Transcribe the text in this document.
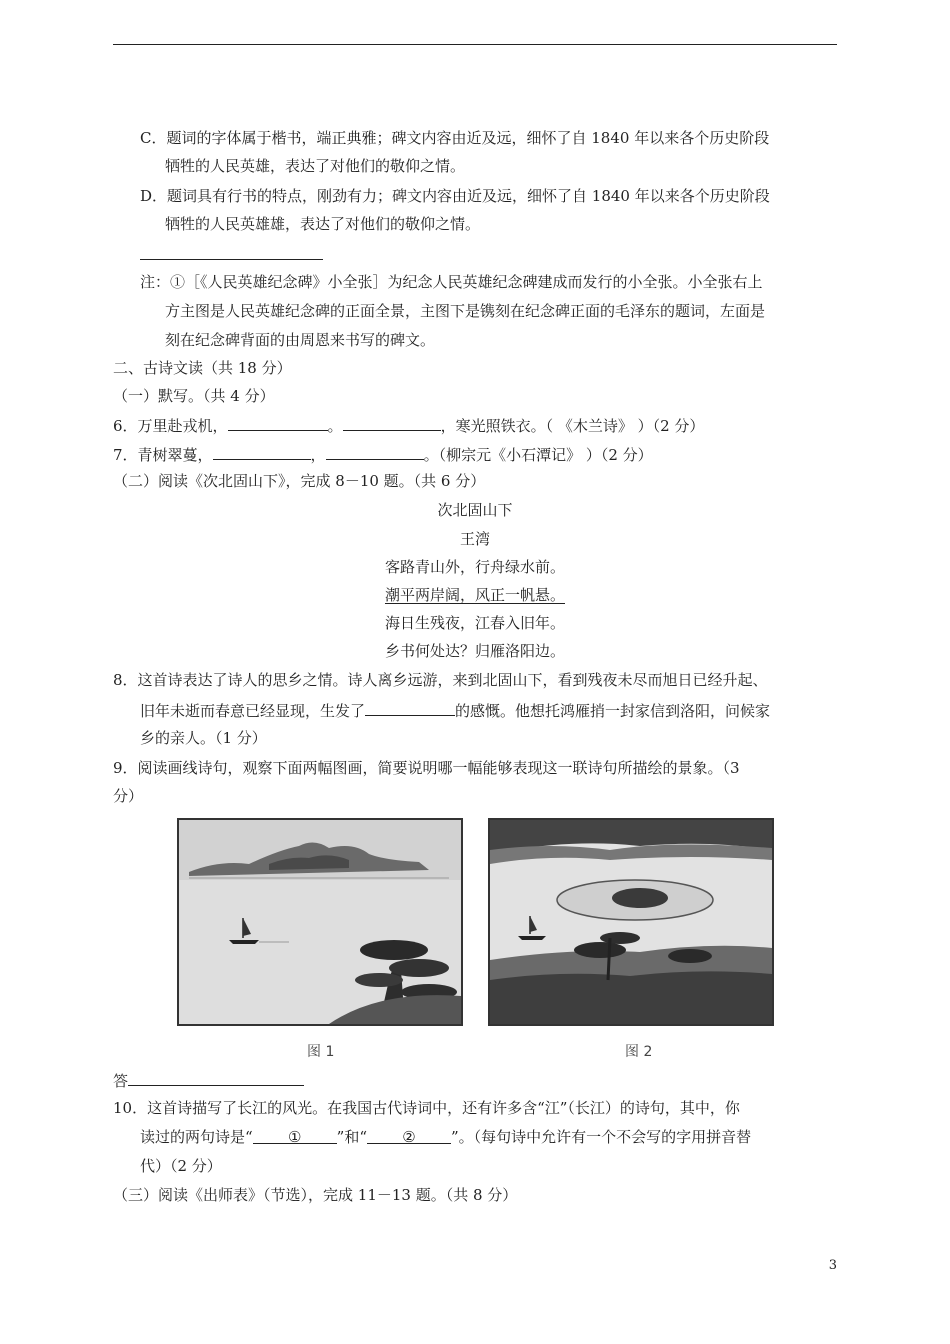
C．题词的字体属于楷书，端正典雅；碑文内容由近及远，细怀了自 1840 年以来各个历史阶段
牺牲的人民英雄，表达了对他们的敬仰之情。
D．题词具有行书的特点，刚劲有力；碑文内容由近及远，细怀了自 1840 年以来各个历史阶段
牺牲的人民英雄雄，表达了对他们的敬仰之情。
注：①［《人民英雄纪念碑》小全张］为纪念人民英雄纪念碑建成而发行的小全张。小全张右上
方主图是人民英雄纪念碑的正面全景，主图下是镌刻在纪念碑正面的毛泽东的题词，左面是
刻在纪念碑背面的由周恩来书写的碑文。
二、古诗文读（共 18 分）
（一）默写。（共 4 分）
6．万里赴戎机，	。	，寒光照铁衣。（ 《木兰诗》 ）（2 分）
7．青树翠蔓，	，	。（柳宗元《小石潭记》 ）（2 分）
（二）阅读《次北固山下》，完成 8－10 题。（共 6 分）
次北固山下
王湾
客路青山外，行舟绿水前。
潮平两岸阔，风正一帆悬。
海日生残夜，江春入旧年。
乡书何处达？归雁洛阳边。
8．这首诗表达了诗人的思乡之情。诗人离乡远游，来到北固山下，看到残夜未尽而旭日已经升起、
旧年未逝而春意已经显现，生发了	的感慨。他想托鸿雁捎一封家信到洛阳，问候家
乡的亲人。（1 分）
9．阅读画线诗句，观察下面两幅图画，简要说明哪一幅能够表现这一联诗句所描绘的景象。（3
分）
图 1	图 2
答
10．这首诗描写了长江的风光。在我国古代诗词中，还有许多含“江”（长江）的诗句，其中，你
读过的两句诗是“ ① ”和“ ② ”。（每句诗中允许有一个不会写的字用拼音替
代）（2 分）
（三）阅读《出师表》（节选），完成 11－13 题。（共 8 分）
3
